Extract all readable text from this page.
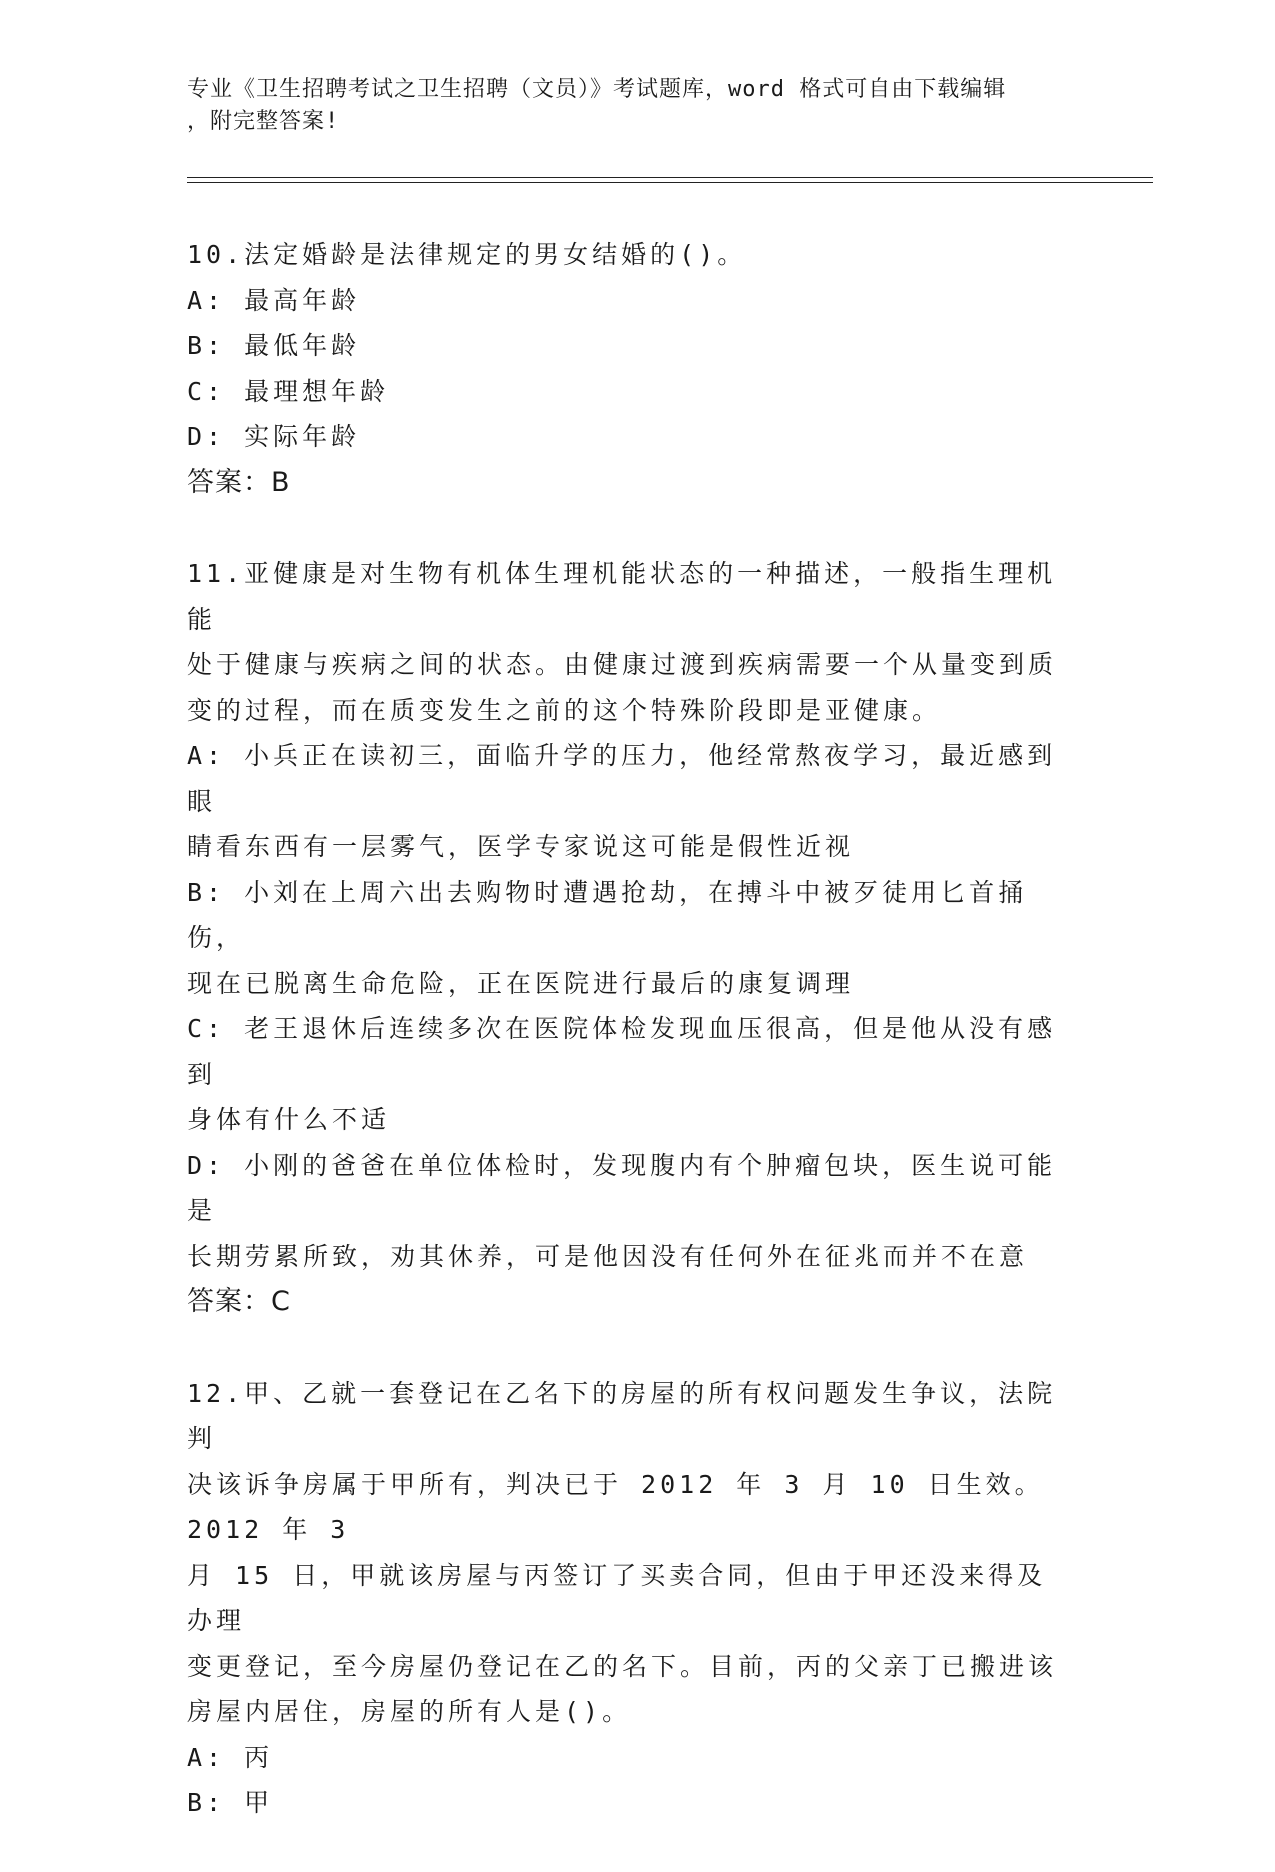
专业《卫生招聘考试之卫生招聘（文员）》考试题库，word 格式可自由下载编辑
，附完整答案!

10.法定婚龄是法律规定的男女结婚的()。

A: 最高年龄

B: 最低年龄

C: 最理想年龄

D: 实际年龄

答案：B

11.亚健康是对生物有机体生理机能状态的一种描述，一般指生理机能

处于健康与疾病之间的状态。由健康过渡到疾病需要一个从量变到质

变的过程，而在质变发生之前的这个特殊阶段即是亚健康。

A: 小兵正在读初三，面临升学的压力，他经常熬夜学习，最近感到眼

睛看东西有一层雾气，医学专家说这可能是假性近视

B: 小刘在上周六出去购物时遭遇抢劫，在搏斗中被歹徒用匕首捅伤，

现在已脱离生命危险，正在医院进行最后的康复调理

C: 老王退休后连续多次在医院体检发现血压很高，但是他从没有感到

身体有什么不适

D: 小刚的爸爸在单位体检时，发现腹内有个肿瘤包块，医生说可能是

长期劳累所致，劝其休养，可是他因没有任何外在征兆而并不在意

答案：C

12.甲、乙就一套登记在乙名下的房屋的所有权问题发生争议，法院判

决该诉争房属于甲所有，判决已于 2012 年 3 月 10 日生效。2012 年 3

月 15 日，甲就该房屋与丙签订了买卖合同，但由于甲还没来得及办理

变更登记，至今房屋仍登记在乙的名下。目前，丙的父亲丁已搬进该

房屋内居住，房屋的所有人是()。

A: 丙

B: 甲
